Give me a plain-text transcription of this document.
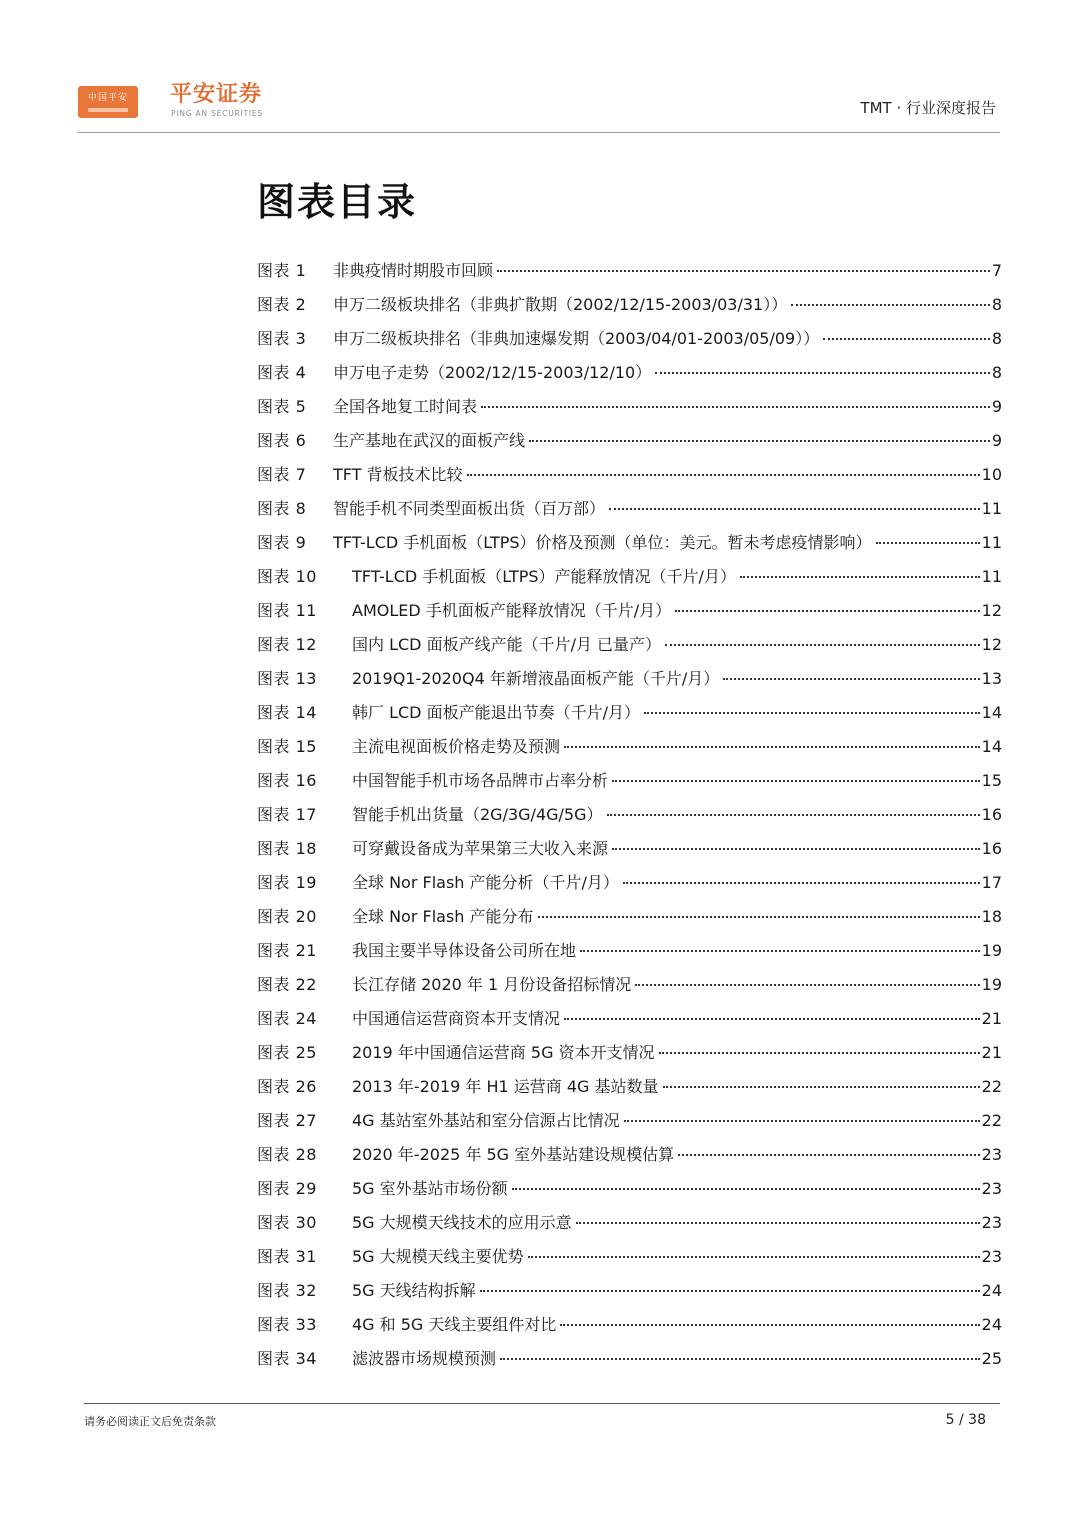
中国平安 平安证券
PING AN SECURITIES	TMT · 行业深度报告
图表目录
图表 1	非典疫情时期股市回顾	7
图表 2	申万二级板块排名（非典扩散期（2002/12/15-2003/03/31））	8
图表 3	申万二级板块排名（非典加速爆发期（2003/04/01-2003/05/09））	8
图表 4	申万电子走势（2002/12/15-2003/12/10）	8
图表 5	全国各地复工时间表	9
图表 6	生产基地在武汉的面板产线	9
图表 7	TFT 背板技术比较	10
图表 8	智能手机不同类型面板出货（百万部）	11
图表 9	TFT-LCD 手机面板（LTPS）价格及预测（单位：美元。暂未考虑疫情影响）	11
图表 10	TFT-LCD 手机面板（LTPS）产能释放情况（千片/月）	11
图表 11	AMOLED 手机面板产能释放情况（千片/月）	12
图表 12	国内 LCD 面板产线产能（千片/月 已量产）	12
图表 13	2019Q1-2020Q4 年新增液晶面板产能（千片/月）	13
图表 14	韩厂 LCD 面板产能退出节奏（千片/月）	14
图表 15	主流电视面板价格走势及预测	14
图表 16	中国智能手机市场各品牌市占率分析	15
图表 17	智能手机出货量（2G/3G/4G/5G）	16
图表 18	可穿戴设备成为苹果第三大收入来源	16
图表 19	全球 Nor Flash 产能分析（千片/月）	17
图表 20	全球 Nor Flash 产能分布	18
图表 21	我国主要半导体设备公司所在地	19
图表 22	长江存储 2020 年 1 月份设备招标情况	19
图表 24	中国通信运营商资本开支情况	21
图表 25	2019 年中国通信运营商 5G 资本开支情况	21
图表 26	2013 年-2019 年 H1 运营商 4G 基站数量	22
图表 27	4G 基站室外基站和室分信源占比情况	22
图表 28	2020 年-2025 年 5G 室外基站建设规模估算	23
图表 29	5G 室外基站市场份额	23
图表 30	5G 大规模天线技术的应用示意	23
图表 31	5G 大规模天线主要优势	23
图表 32	5G 天线结构拆解	24
图表 33	4G 和 5G 天线主要组件对比	24
图表 34	滤波器市场规模预测	25
请务必阅读正文后免责条款	5 / 38
